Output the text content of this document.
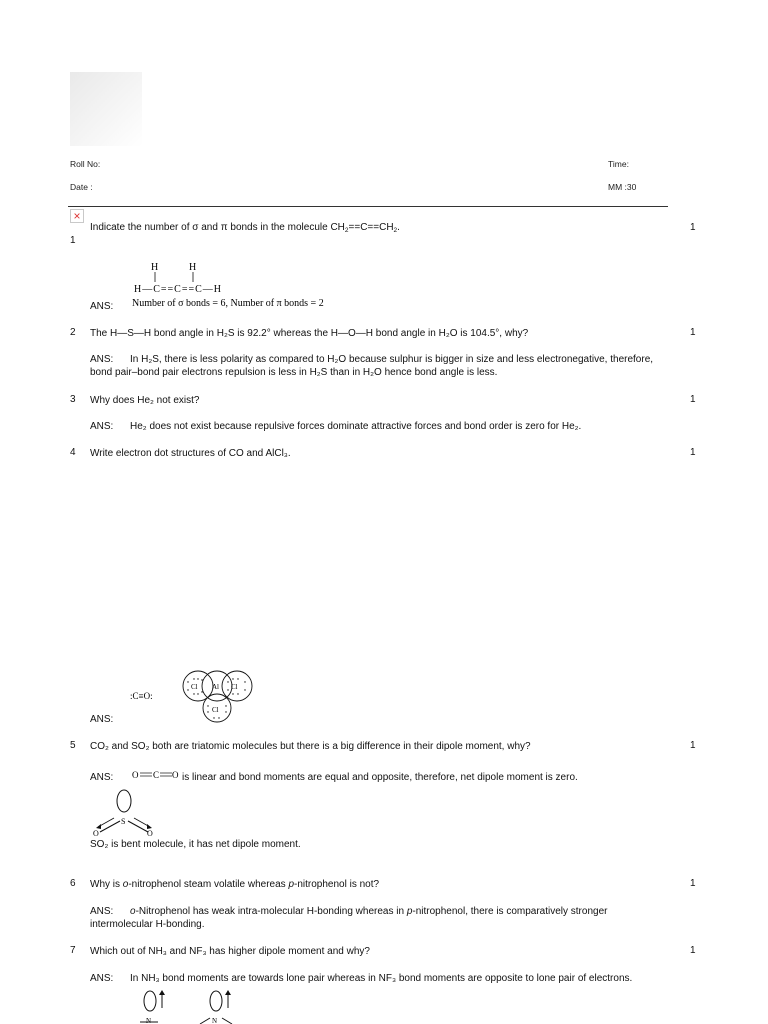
Roll No:	Time:
Date :	MM :30
×
Indicate the number of σ and π bonds in the molecule $CH_2==C==CH_2$.
1
1
H	H
H—C==C==C—H
Number of σ bonds = 6, Number of π bonds = 2
ANS:
2 The H—S—H bond angle in H₂S is 92.2° whereas the H—O—H bond angle in H₂O is 104.5°, why?	1
ANS: In H₂S, there is less polarity as compared to H₂O because sulphur is bigger in size and less electronegative, therefore,
bond pair–bond pair electrons repulsion is less in H₂S than in H₂O hence bond angle is less.
3 Why does He₂ not exist?	1
ANS: He₂ does not exist because repulsive forces dominate attractive forces and bond order is zero for He₂.
4 Write electron dot structures of CO and AlCl₃.	1
:C≡O:
Al
Cl	Cl
Cl
ANS:
5 CO₂ and SO₂ both are triatomic molecules but there is a big difference in their dipole moment, why?	1
ANS: O C O is linear and bond moments are equal and opposite, therefore, net dipole moment is zero.
S
O	O
SO₂ is bent molecule, it has net dipole moment.
6 Why is o-nitrophenol steam volatile whereas p-nitrophenol is not?	1
ANS: o-Nitrophenol has weak intra-molecular H-bonding whereas in p-nitrophenol, there is comparatively stronger
intermolecular H-bonding.
7 Which out of NH₃ and NF₃ has higher dipole moment and why?	1
ANS: In NH₃ bond moments are towards lone pair whereas in NF₃ bond moments are opposite to lone pair of electrons.
N	N
